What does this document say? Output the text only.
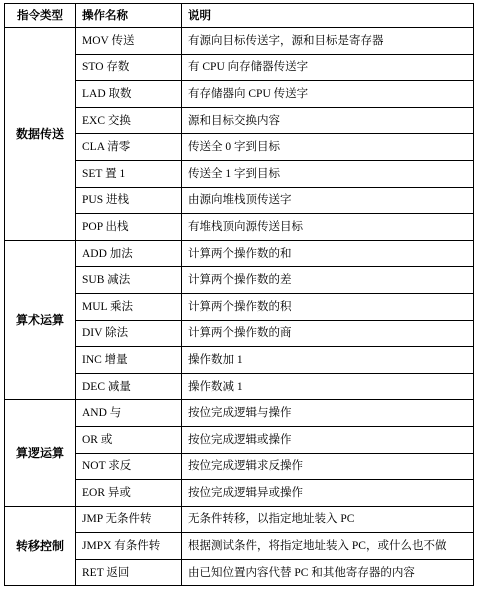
指令类型	操作名称	说明
数据传送	MOV 传送	有源向目标传送字，源和目标是寄存器
	STO 存数	有 CPU 向存储器传送字
	LAD 取数	有存储器向 CPU 传送字
	EXC 交换	源和目标交换内容
	CLA 清零	传送全 0 字到目标
	SET 置 1	传送全 1 字到目标
	PUS 进栈	由源向堆栈顶传送字
	POP 出栈	有堆栈顶向源传送目标
算术运算	ADD 加法	计算两个操作数的和
	SUB 减法	计算两个操作数的差
	MUL 乘法	计算两个操作数的积
	DIV 除法	计算两个操作数的商
	INC 增量	操作数加 1
	DEC 减量	操作数减 1
算逻运算	AND 与	按位完成逻辑与操作
	OR 或	按位完成逻辑或操作
	NOT 求反	按位完成逻辑求反操作
	EOR 异或	按位完成逻辑异或操作
转移控制	JMP 无条件转	无条件转移，以指定地址装入 PC
	JMPX 有条件转	根据测试条件，将指定地址装入 PC，或什么也不做
	RET 返回	由已知位置内容代替 PC 和其他寄存器的内容
